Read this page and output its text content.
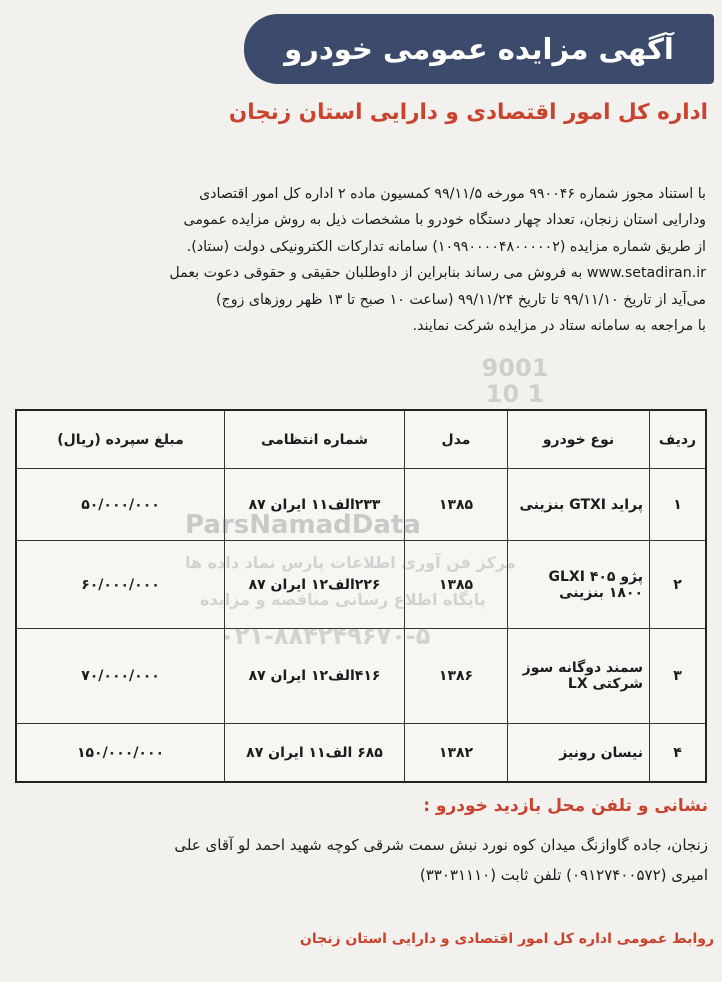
آگهی مزایده عمومی خودرو
اداره کل امور اقتصادی و دارایی استان زنجان
با استناد مجوز شماره ۹۹۰۰۴۶ مورخه ۹۹/۱۱/۵ کمسیون ماده ۲ اداره کل امور اقتصادی
ودارایی استان زنجان، تعداد چهار دستگاه خودرو با مشخصات ذیل به روش مزایده عمومی
از طریق شماره مزایده (۱۰۹۹۰۰۰۰۴۸۰۰۰۰۰۲) سامانه تدارکات الکترونیکی دولت (ستاد).
www.setadiran.ir به فروش می رساند بنابراین از داوطلبان حقیقی و حقوقی دعوت بعمل
می‌آید از تاریخ ۹۹/۱۱/۱۰ تا تاریخ ۹۹/۱۱/۲۴ (ساعت ۱۰ صبح تا ۱۳ ظهر روزهای زوج)
با مراجعه به سامانه ستاد در مزایده شرکت نمایند.
ردیف
نوع خودرو
مدل
شماره انتظامی
مبلغ سپرده (ریال)
۱
پراید GTXI بنزینی
۱۳۸۵
۲۳۳الف۱۱ ایران ۸۷
۵۰/۰۰۰/۰۰۰
۲
پژو ۴۰۵ GLXI ۱۸۰۰ بنزینی
۱۳۸۵
۲۲۶الف۱۲ ایران ۸۷
۶۰/۰۰۰/۰۰۰
۳
سمند دوگانه سوز شرکتی LX
۱۳۸۶
۴۱۶الف۱۲ ایران ۸۷
۷۰/۰۰۰/۰۰۰
۴
نیسان رونیز
۱۳۸۲
۶۸۵ الف۱۱ ایران ۸۷
۱۵۰/۰۰۰/۰۰۰
نشانی و تلفن محل بازدید خودرو :
زنجان، جاده گاوازنگ میدان کوه نورد نبش سمت شرقی کوچه شهید احمد لو آقای علی
امیری (۰۹۱۲۷۴۰۰۵۷۲) تلفن ثابت (۳۳۰۳۱۱۱۰)
روابط عمومی اداره کل امور اقتصادی و دارایی استان زنجان
ParsNamadData
مرکز فن آوری اطلاعات پارس نماد داده ها
پایگاه اطلاع رسانی مناقصه و مزایده
۰۲۱-۸۸۴۲۴۹۶۷۰-۵
9001 10 1
